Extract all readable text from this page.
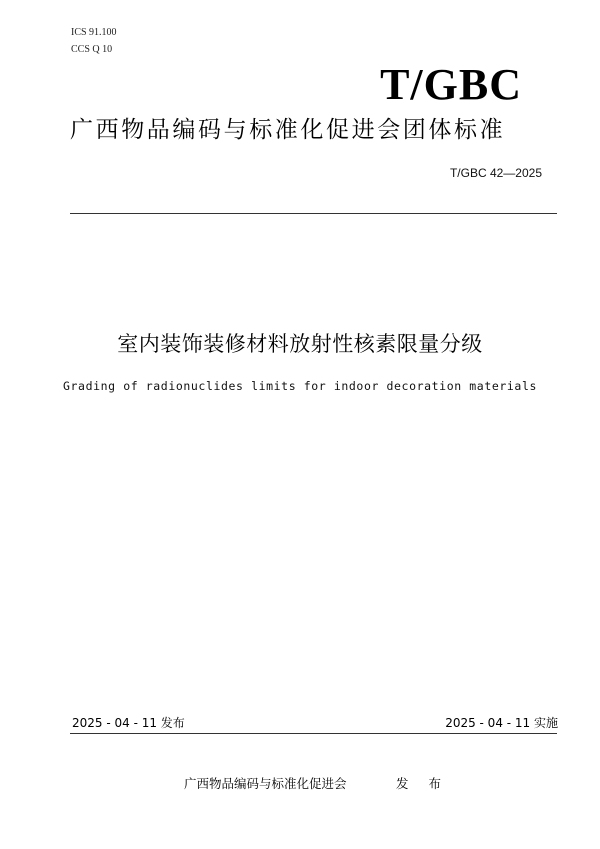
ICS 91.100
CCS Q 10
T/GBC
广西物品编码与标准化促进会团体标准
T/GBC 42—2025
室内装饰装修材料放射性核素限量分级
Grading of radionuclides limits for indoor decoration materials
2025 - 04 - 11 发布	2025 - 04 - 11 实施
广西物品编码与标准化促进会	发 布
